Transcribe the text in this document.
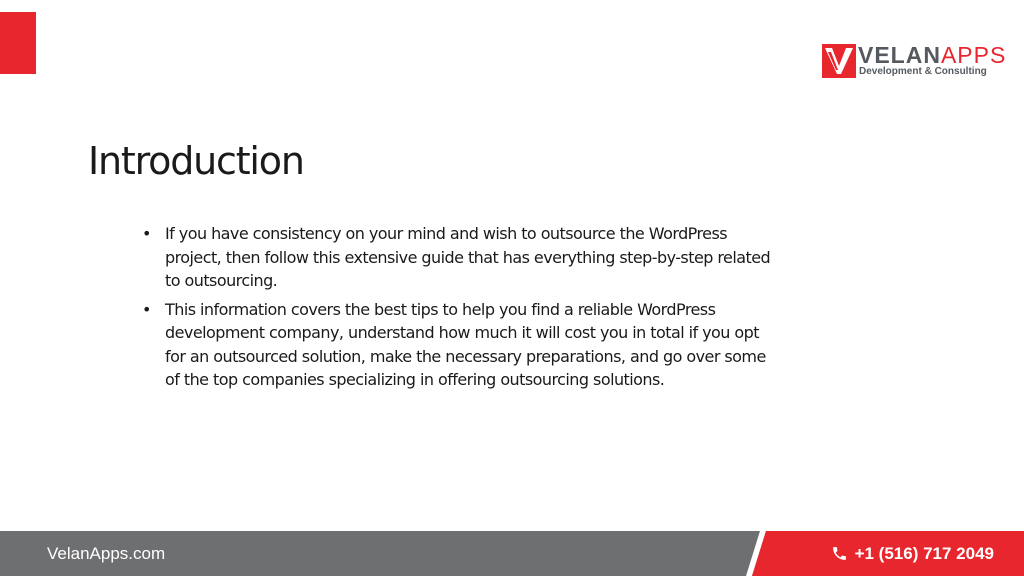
VELANAPPS
Development & Consulting
Introduction
• If you have consistency on your mind and wish to outsource the WordPress project, then follow this extensive guide that has everything step-by-step related to outsourcing.
• This information covers the best tips to help you find a reliable WordPress development company, understand how much it will cost you in total if you opt for an outsourced solution, make the necessary preparations, and go over some of the top companies specializing in offering outsourcing solutions.
VelanApps.com	+1 (516) 717 2049
